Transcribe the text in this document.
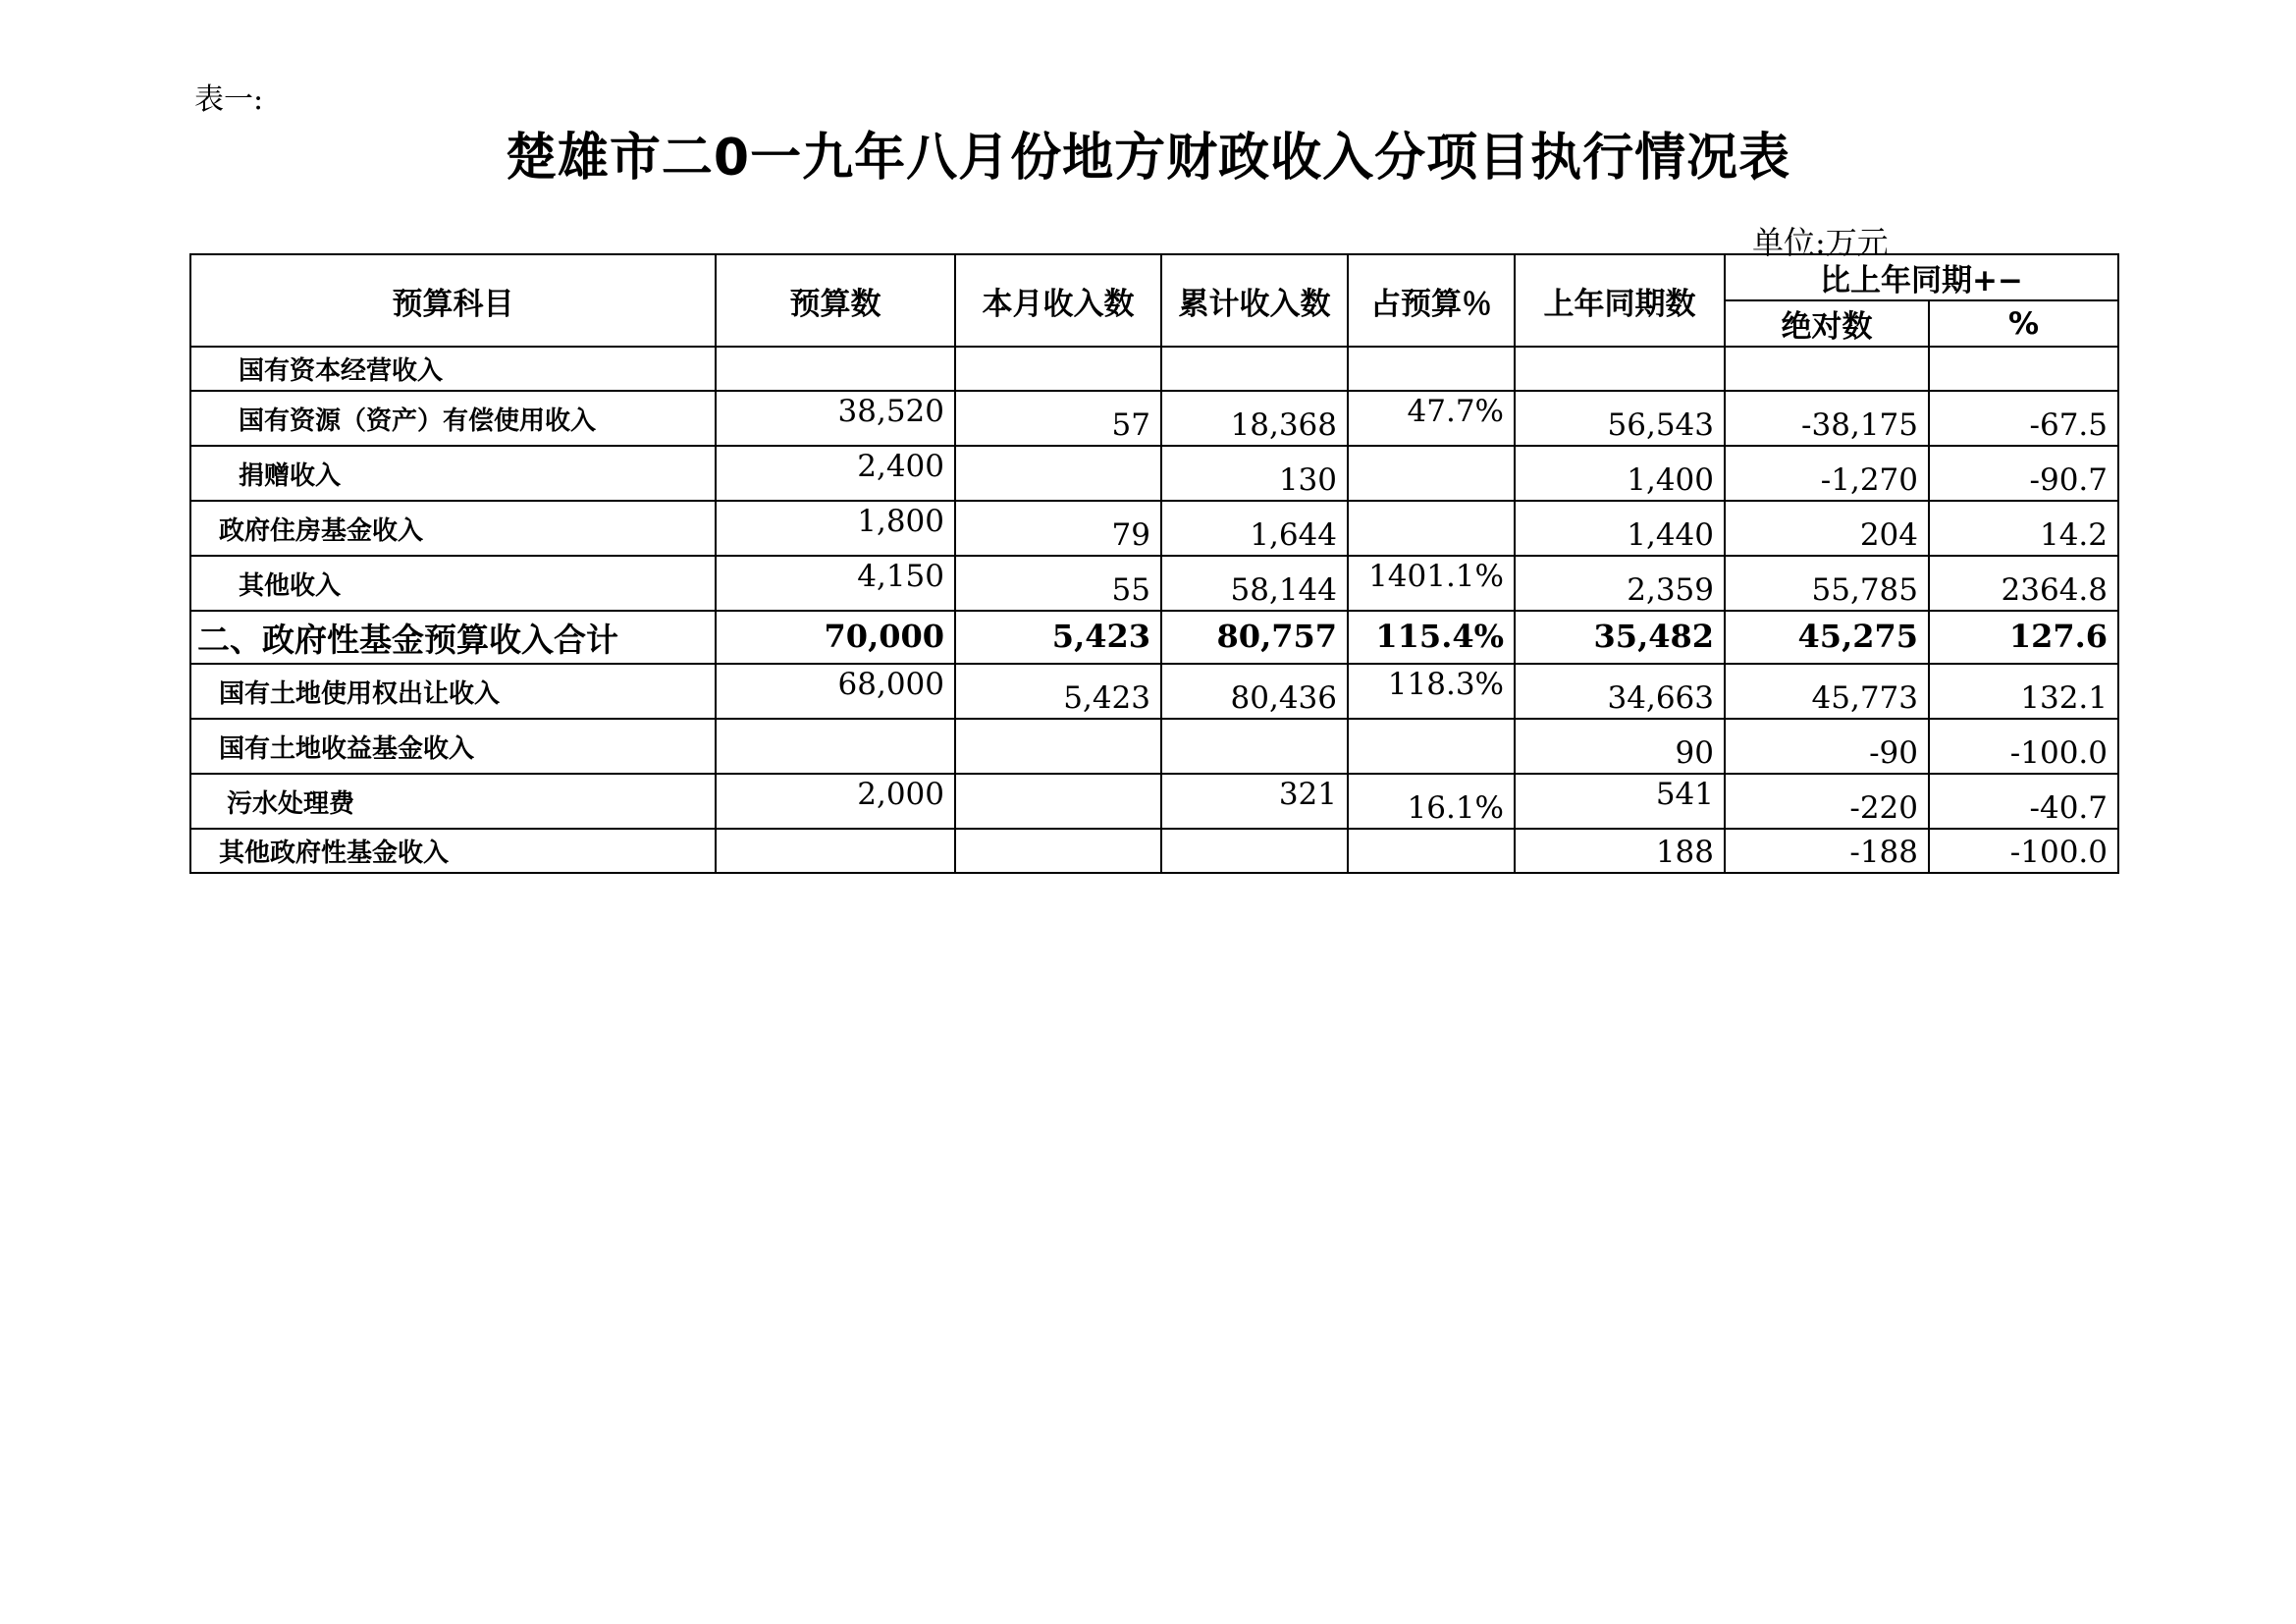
表一:
楚雄市二0一九年八月份地方财政收入分项目执行情况表
单位:万元
预算科目	预算数	本月收入数	累计收入数	占预算％	上年同期数	比上年同期+−	
						绝对数	%
国有资本经营收入							
国有资源（资产）有偿使用收入	38,520	57	18,368	47.7%	56,543	-38,175	-67.5
捐赠收入	2,400		130		1,400	-1,270	-90.7
政府住房基金收入	1,800	79	1,644		1,440	204	14.2
其他收入	4,150	55	58,144	1401.1%	2,359	55,785	2364.8
二、政府性基金预算收入合计	70,000	5,423	80,757	115.4%	35,482	45,275	127.6
国有土地使用权出让收入	68,000	5,423	80,436	118.3%	34,663	45,773	132.1
国有土地收益基金收入					90	-90	-100.0
污水处理费	2,000		321	16.1%	541	-220	-40.7
其他政府性基金收入					188	-188	-100.0
